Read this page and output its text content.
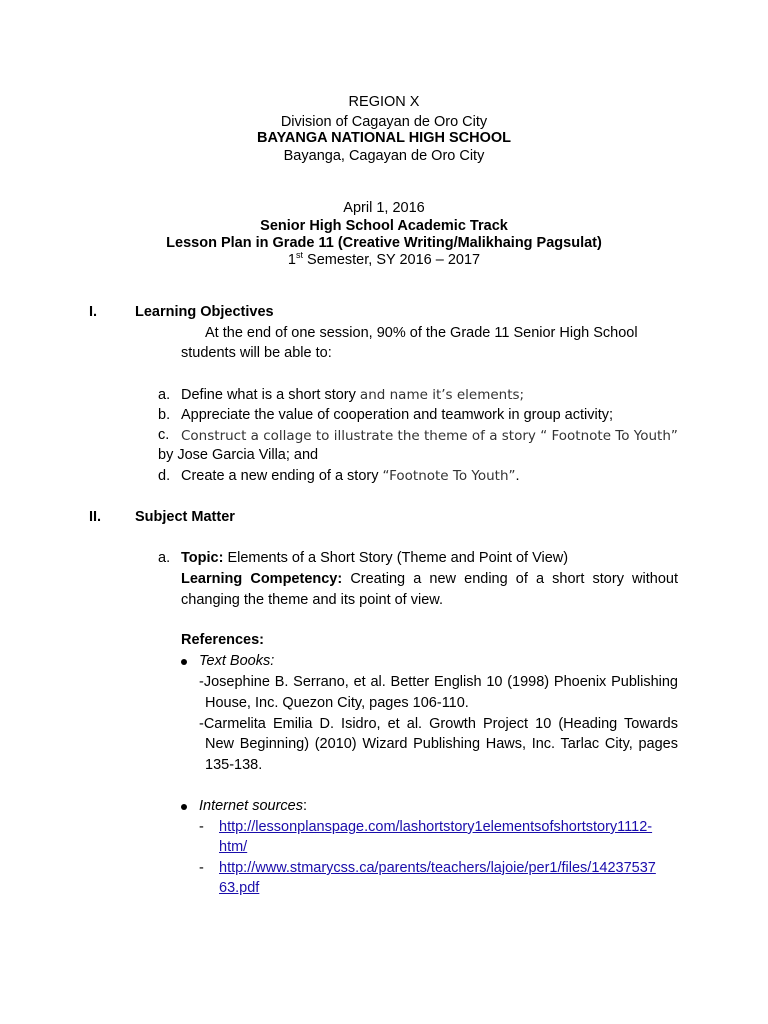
REGION X
Division of Cagayan de Oro City
BAYANGA NATIONAL HIGH SCHOOL
Bayanga, Cagayan de Oro City
April 1, 2016
Senior High School Academic Track
Lesson Plan in Grade 11 (Creative Writing/Malikhaing Pagsulat)
1st Semester, SY 2016 – 2017
I.	Learning Objectives
At the end of one session, 90% of the Grade 11 Senior High School
students will be able to:
a. Define what is a short story and name it’s elements;
b. Appreciate the value of cooperation and teamwork in group activity;
c. Construct a collage to illustrate the theme of a story “ Footnote To Youth”
by Jose Garcia Villa; and
d. Create a new ending of a story “Footnote To Youth”.
II. Subject Matter
a. Topic: Elements of a Short Story (Theme and Point of View)
Learning Competency: Creating a new ending of a short story without
changing the theme and its point of view.
References:
Text Books:
-Josephine B. Serrano, et al. Better English 10 (1998) Phoenix Publishing
House, Inc. Quezon City, pages 106-110.
-Carmelita Emilia D. Isidro, et al. Growth Project 10 (Heading Towards
New Beginning) (2010) Wizard Publishing Haws, Inc. Tarlac City, pages
135-138.
Internet sources:
- http://lessonplanspage.com/lashortstory1elementsofshortstory1112-
htm/
- http://www.stmarycss.ca/parents/teachers/lajoie/per1/files/14237537
63.pdf
